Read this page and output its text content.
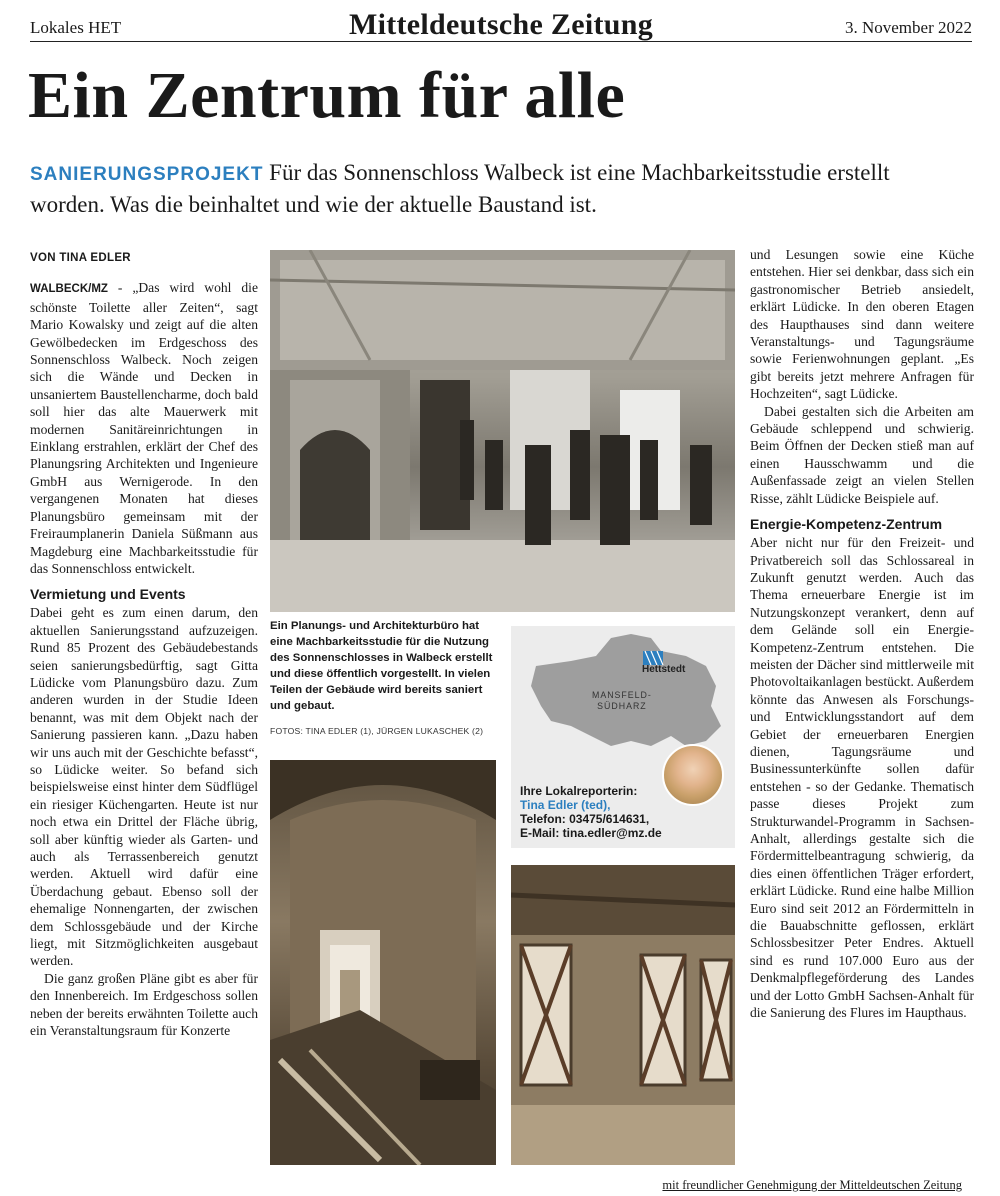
Lokales HET	Mitteldeutsche Zeitung	3. November 2022
Ein Zentrum für alle
SANIERUNGSPROJEKT Für das Sonnenschloss Walbeck ist eine Machbarkeitsstudie erstellt worden. Was die beinhaltet und wie der aktuelle Baustand ist.
VON TINA EDLER

WALBECK/MZ - „Das wird wohl die schönste Toilette aller Zeiten“, sagt Mario Kowalsky und zeigt auf die alten Gewölbedecken im Erdgeschoss des Sonnenschloss Walbeck. Noch zeigen sich die Wände und Decken in unsaniertem Baustellencharme, doch bald soll hier das alte Mauerwerk mit modernen Sanitäreinrichtungen in Einklang erstrahlen, erklärt der Chef des Planungsring Architekten und Ingenieure GmbH aus Wernigerode. In den vergangenen Monaten hat dieses Planungsbüro gemeinsam mit der Freiraumplanerin Daniela Süßmann aus Magdeburg eine Machbarkeitsstudie für das Sonnenschloss entwickelt.

Vermietung und Events

Dabei geht es zum einen darum, den aktuellen Sanierungsstand aufzuzeigen. Rund 85 Prozent des Gebäudebestands seien sanierungsbedürftig, sagt Gitta Lüdicke vom Planungsbüro dazu. Zum anderen wurden in der Studie Ideen benannt, was mit dem Objekt nach der Sanierung passieren kann. „Dazu haben wir uns auch mit der Geschichte befasst“, so Lüdicke weiter. So befand sich beispielsweise einst hinter dem Südflügel ein riesiger Küchengarten. Heute ist nur noch etwa ein Drittel der Fläche übrig, soll aber künftig wieder als Garten- und auch als Terrassenbereich genutzt werden. Aktuell wird dafür eine Überdachung gebaut. Ebenso soll der ehemalige Nonnengarten, der zwischen dem Schlossgebäude und der Kirche liegt, mit Sitzmöglichkeiten ausgebaut werden.

Die ganz großen Pläne gibt es aber für den Innenbereich. Im Erdgeschoss sollen neben der bereits erwähnten Toilette auch ein Veranstaltungsraum für Konzerte

Ein Planungs- und Architekturbüro hat eine Machbarkeitsstudie für die Nutzung des Sonnenschlosses in Walbeck erstellt und diese öffentlich vorgestellt. In vielen Teilen der Gebäude wird bereits saniert und gebaut.
FOTOS: TINA EDLER (1), JÜRGEN LUKASCHEK (2)
Hettstedt
MANSFELD-
SÜDHARZ
Ihre Lokalreporterin:
Tina Edler (ted),
Telefon: 03475/614631,
E-Mail: tina.edler@mz.de

und Lesungen sowie eine Küche entstehen. Hier sei denkbar, dass sich ein gastronomischer Betrieb ansiedelt, erklärt Lüdicke. In den oberen Etagen des Haupthauses sind dann weitere Veranstaltungs- und Tagungsräume sowie Ferienwohnungen geplant. „Es gibt bereits jetzt mehrere Anfragen für Hochzeiten“, sagt Lüdicke.

Dabei gestalten sich die Arbeiten am Gebäude schleppend und schwierig. Beim Öffnen der Decken stieß man auf einen Hausschwamm und die Außenfassade zeigt an vielen Stellen Risse, zählt Lüdicke Beispiele auf.

Energie-Kompetenz-Zentrum

Aber nicht nur für den Freizeit- und Privatbereich soll das Schlossareal in Zukunft genutzt werden. Auch das Thema erneuerbare Energie ist im Nutzungskonzept verankert, denn auf dem Gelände soll ein Energie-Kompetenz-Zentrum entstehen. Die meisten der Dächer sind mittlerweile mit Photovoltaikanlagen bestückt. Außerdem könnte das Anwesen als Forschungs- und Entwicklungsstandort auf dem Gebiet der erneuerbaren Energien dienen, Tagungsräume und Businessunterkünfte sollen dafür entstehen - so der Gedanke. Thematisch passe dieses Projekt zum Strukturwandel-Programm in Sachsen-Anhalt, allerdings gestalte sich die Fördermittelbeantragung schwierig, da dies einen öffentlichen Träger erfordert, erklärt Lüdicke. Rund eine halbe Million Euro sind seit 2012 an Fördermitteln in die Bauabschnitte geflossen, erklärt Schlossbesitzer Peter Endres. Aktuell sind es rund 107.000 Euro aus der Denkmalpflegeförderung des Landes und der Lotto GmbH Sachsen-Anhalt für die Sanierung des Flures im Haupthaus.

mit freundlicher Genehmigung der Mitteldeutschen Zeitung
